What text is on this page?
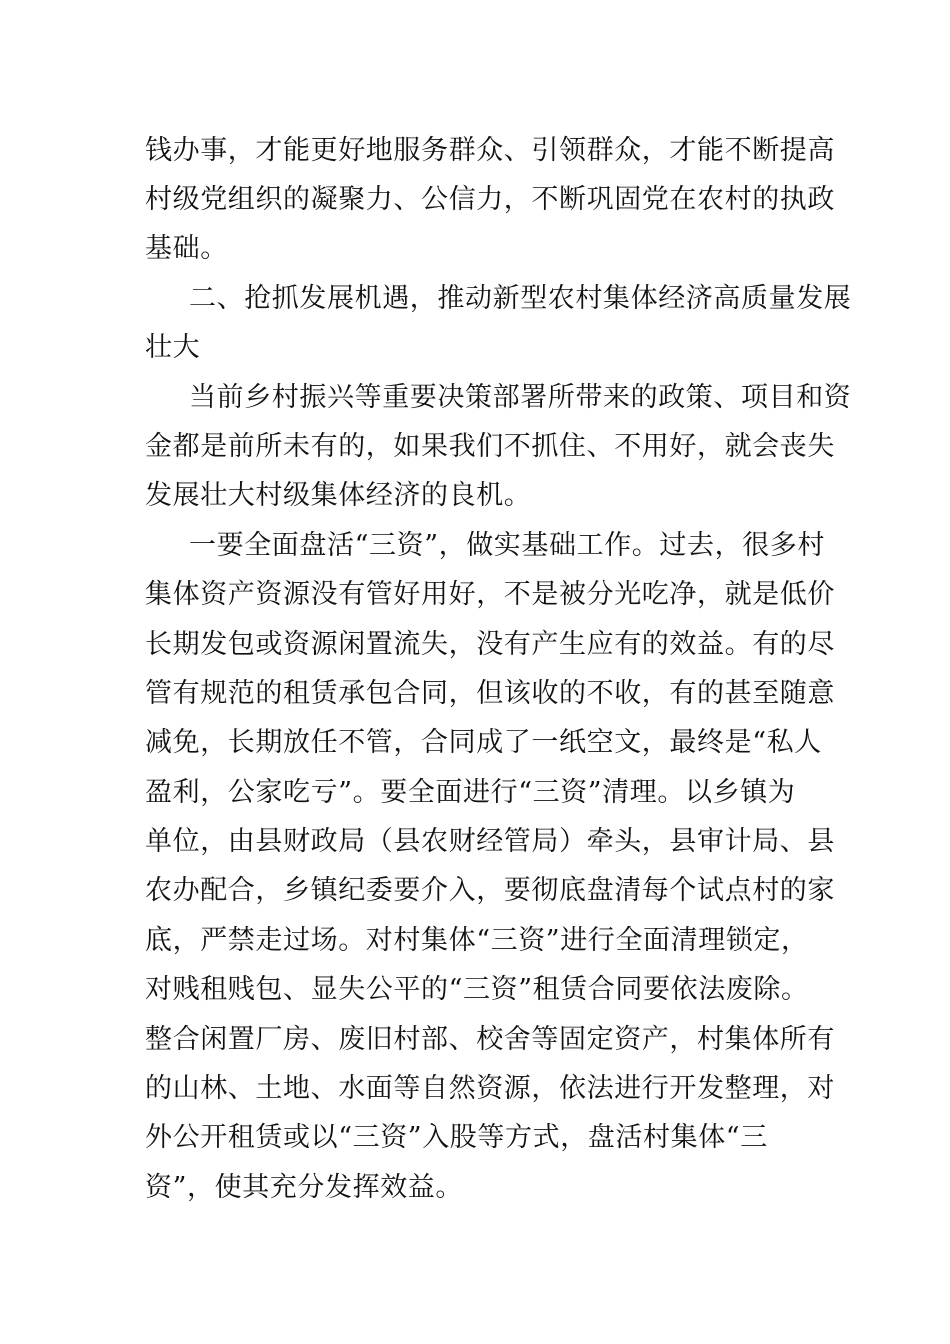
钱办事，才能更好地服务群众、引领群众，才能不断提高
村级党组织的凝聚力、公信力，不断巩固党在农村的执政
基础。
二、抢抓发展机遇，推动新型农村集体经济高质量发展
壮大
当前乡村振兴等重要决策部署所带来的政策、项目和资
金都是前所未有的，如果我们不抓住、不用好，就会丧失
发展壮大村级集体经济的良机。
一要全面盘活“三资”，做实基础工作。过去，很多村
集体资产资源没有管好用好，不是被分光吃净，就是低价
长期发包或资源闲置流失，没有产生应有的效益。有的尽
管有规范的租赁承包合同，但该收的不收，有的甚至随意
减免，长期放任不管，合同成了一纸空文，最终是“私人
盈利，公家吃亏”。要全面进行“三资”清理。以乡镇为
单位，由县财政局（县农财经管局）牵头，县审计局、县
农办配合，乡镇纪委要介入，要彻底盘清每个试点村的家
底，严禁走过场。对村集体“三资”进行全面清理锁定，
对贱租贱包、显失公平的“三资”租赁合同要依法废除。
整合闲置厂房、废旧村部、校舍等固定资产，村集体所有
的山林、土地、水面等自然资源，依法进行开发整理，对
外公开租赁或以“三资”入股等方式，盘活村集体“三
资”，使其充分发挥效益。
